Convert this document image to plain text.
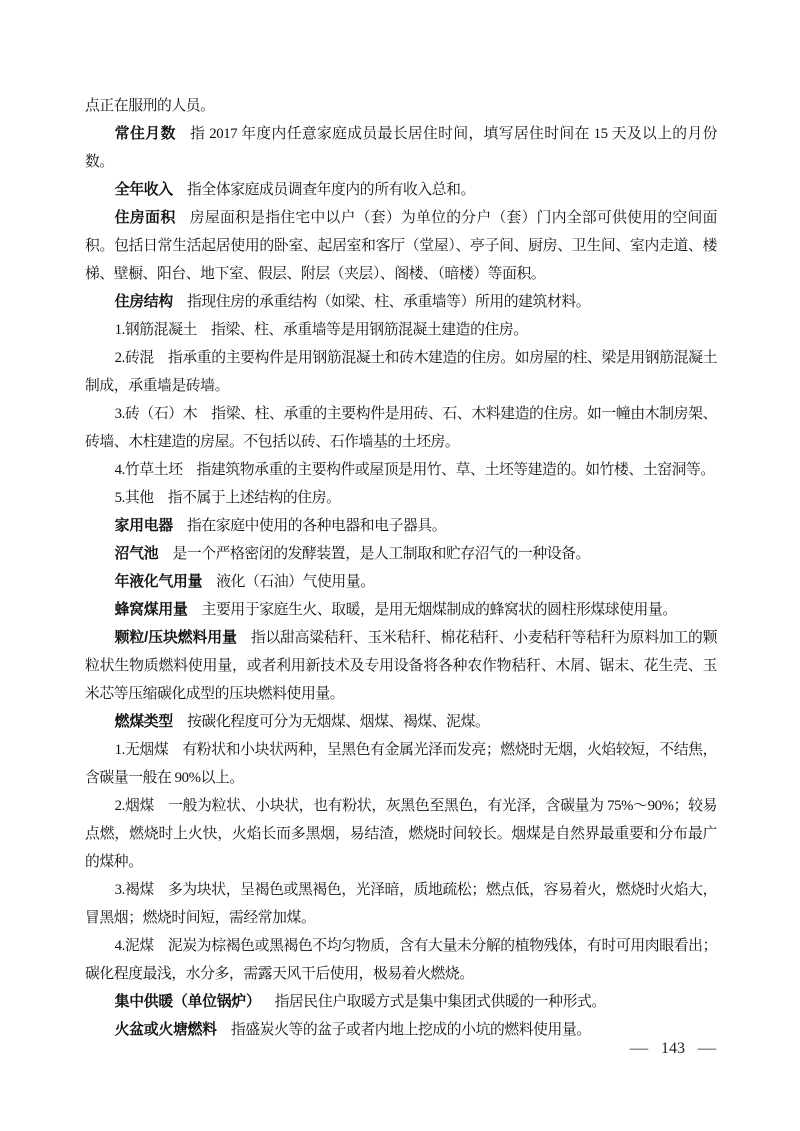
点正在服刑的人员。

常住月数 指 2017 年度内任意家庭成员最长居住时间，填写居住时间在 15 天及以上的月份数。

全年收入 指全体家庭成员调查年度内的所有收入总和。

住房面积 房屋面积是指住宅中以户（套）为单位的分户（套）门内全部可供使用的空间面积。包括日常生活起居使用的卧室、起居室和客厅（堂屋）、亭子间、厨房、卫生间、室内走道、楼梯、壁橱、阳台、地下室、假层、附层（夹层）、阁楼、（暗楼）等面积。

住房结构 指现住房的承重结构（如梁、柱、承重墙等）所用的建筑材料。

1.钢筋混凝土 指梁、柱、承重墙等是用钢筋混凝土建造的住房。

2.砖混 指承重的主要构件是用钢筋混凝土和砖木建造的住房。如房屋的柱、梁是用钢筋混凝土制成，承重墙是砖墙。

3.砖（石）木 指梁、柱、承重的主要构件是用砖、石、木料建造的住房。如一幢由木制房架、砖墙、木柱建造的房屋。不包括以砖、石作墙基的土坯房。

4.竹草土坯 指建筑物承重的主要构件或屋顶是用竹、草、土坯等建造的。如竹楼、土窑洞等。

5.其他 指不属于上述结构的住房。

家用电器 指在家庭中使用的各种电器和电子器具。

沼气池 是一个严格密闭的发酵装置，是人工制取和贮存沼气的一种设备。

年液化气用量 液化（石油）气使用量。

蜂窝煤用量 主要用于家庭生火、取暖，是用无烟煤制成的蜂窝状的圆柱形煤球使用量。

颗粒/压块燃料用量 指以甜高粱秸秆、玉米秸秆、棉花秸秆、小麦秸秆等秸秆为原料加工的颗粒状生物质燃料使用量，或者利用新技术及专用设备将各种农作物秸秆、木屑、锯末、花生壳、玉米芯等压缩碳化成型的压块燃料使用量。

燃煤类型 按碳化程度可分为无烟煤、烟煤、褐煤、泥煤。

1.无烟煤 有粉状和小块状两种，呈黑色有金属光泽而发亮；燃烧时无烟，火焰较短，不结焦，含碳量一般在 90%以上。

2.烟煤 一般为粒状、小块状，也有粉状，灰黑色至黑色，有光泽，含碳量为 75%～90%；较易点燃，燃烧时上火快，火焰长而多黑烟，易结渣，燃烧时间较长。烟煤是自然界最重要和分布最广的煤种。

3.褐煤 多为块状，呈褐色或黑褐色，光泽暗，质地疏松；燃点低，容易着火，燃烧时火焰大，冒黑烟；燃烧时间短，需经常加煤。

4.泥煤 泥炭为棕褐色或黑褐色不均匀物质，含有大量未分解的植物残体，有时可用肉眼看出；碳化程度最浅，水分多，需露天风干后使用，极易着火燃烧。

集中供暖（单位锅炉） 指居民住户取暖方式是集中集团式供暖的一种形式。

火盆或火塘燃料 指盛炭火等的盆子或者内地上挖成的小坑的燃料使用量。

— 143 —
